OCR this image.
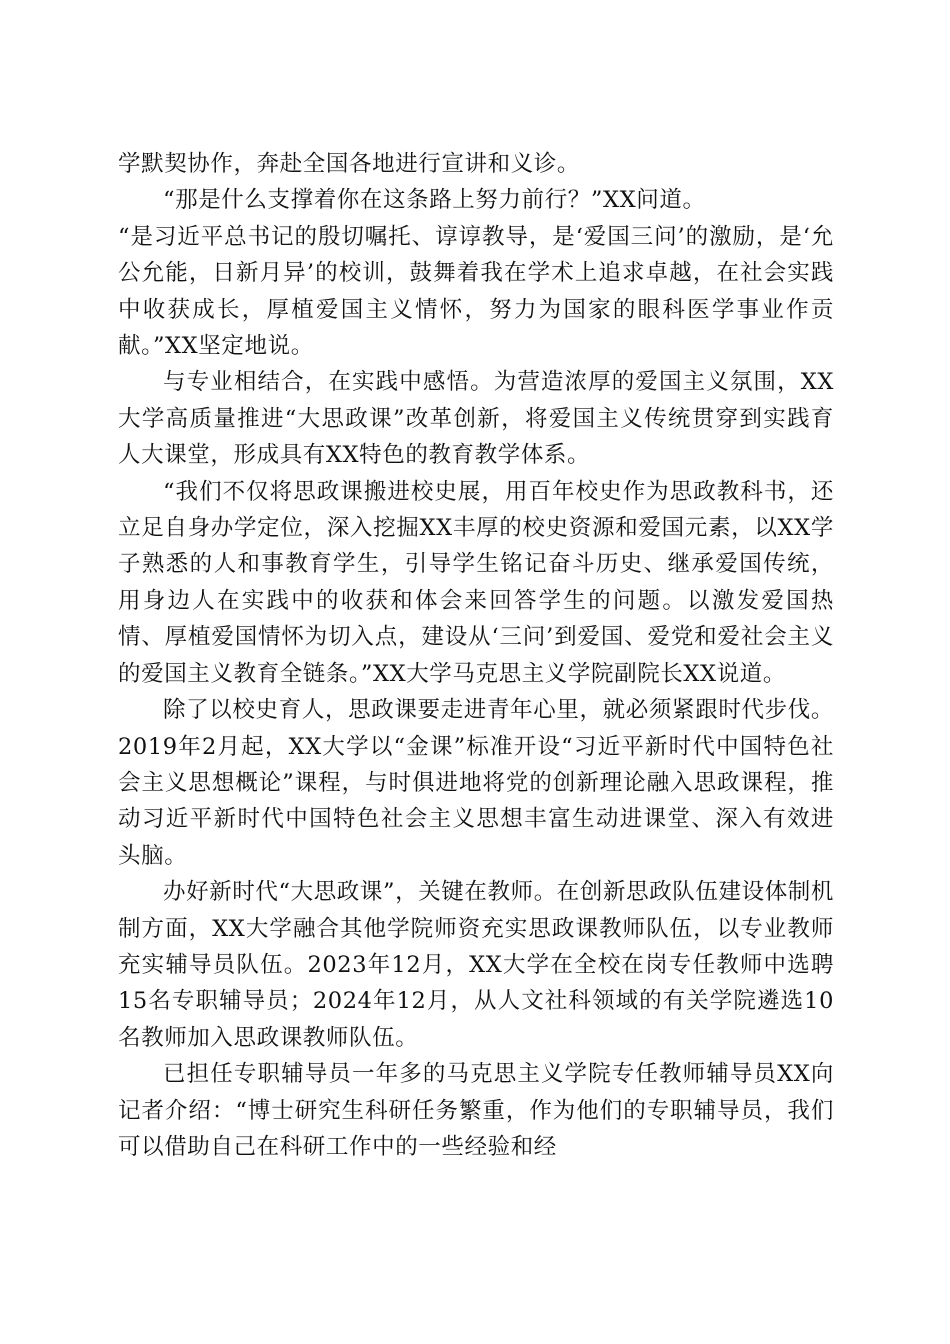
学默契协作，奔赴全国各地进行宣讲和义诊。

“那是什么支撑着你在这条路上努力前行？”XX问道。

“是习近平总书记的殷切嘱托、谆谆教导，是‘爱国三问’的激励，是‘允公允能，日新月异’的校训，鼓舞着我在学术上追求卓越，在社会实践中收获成长，厚植爱国主义情怀，努力为国家的眼科医学事业作贡献。”XX坚定地说。

与专业相结合，在实践中感悟。为营造浓厚的爱国主义氛围，XX大学高质量推进“大思政课”改革创新，将爱国主义传统贯穿到实践育人大课堂，形成具有XX特色的教育教学体系。

“我们不仅将思政课搬进校史展，用百年校史作为思政教科书，还立足自身办学定位，深入挖掘XX丰厚的校史资源和爱国元素，以XX学子熟悉的人和事教育学生，引导学生铭记奋斗历史、继承爱国传统，用身边人在实践中的收获和体会来回答学生的问题。以激发爱国热情、厚植爱国情怀为切入点，建设从‘三问’到爱国、爱党和爱社会主义的爱国主义教育全链条。”XX大学马克思主义学院副院长XX说道。

除了以校史育人，思政课要走进青年心里，就必须紧跟时代步伐。2019年2月起，XX大学以“金课”标准开设“习近平新时代中国特色社会主义思想概论”课程，与时俱进地将党的创新理论融入思政课程，推动习近平新时代中国特色社会主义思想丰富生动进课堂、深入有效进头脑。

办好新时代“大思政课”，关键在教师。在创新思政队伍建设体制机制方面，XX大学融合其他学院师资充实思政课教师队伍，以专业教师充实辅导员队伍。2023年12月，XX大学在全校在岗专任教师中选聘15名专职辅导员；2024年12月，从人文社科领域的有关学院遴选10名教师加入思政课教师队伍。

已担任专职辅导员一年多的马克思主义学院专任教师辅导员XX向记者介绍：“博士研究生科研任务繁重，作为他们的专职辅导员，我们可以借助自己在科研工作中的一些经验和经
